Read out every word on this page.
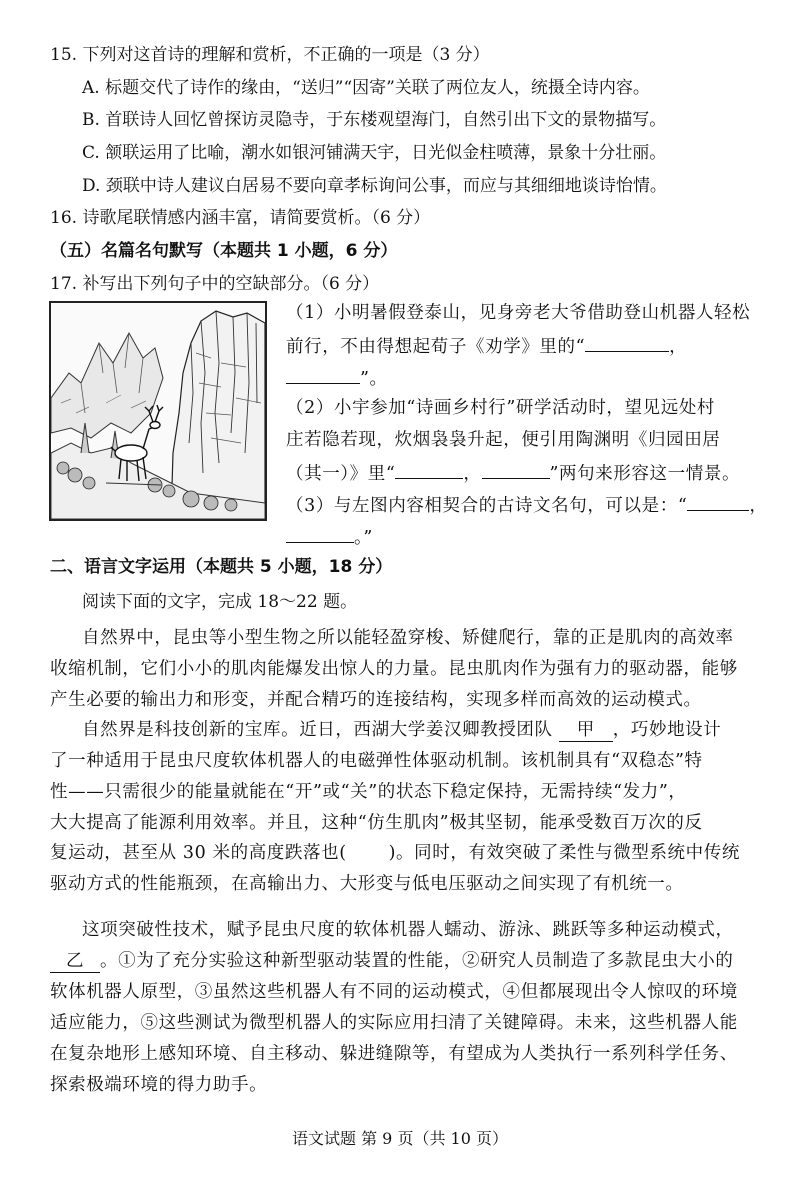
15. 下列对这首诗的理解和赏析，不正确的一项是（3 分）
A. 标题交代了诗作的缘由，“送归”“因寄”关联了两位友人，统摄全诗内容。
B. 首联诗人回忆曾探访灵隐寺，于东楼观望海门，自然引出下文的景物描写。
C. 颔联运用了比喻，潮水如银河铺满天宇，日光似金柱喷薄，景象十分壮丽。
D. 颈联中诗人建议白居易不要向章孝标询问公事，而应与其细细地谈诗怡情。
16. 诗歌尾联情感内涵丰富，请简要赏析。（6 分）
（五）名篇名句默写（本题共 1 小题，6 分）
17. 补写出下列句子中的空缺部分。（6 分）
（1）小明暑假登泰山，见身旁老大爷借助登山机器人轻松
前行，不由得想起荀子《劝学》里的“	，
”。
（2）小宇参加“诗画乡村行”研学活动时，望见远处村
庄若隐若现，炊烟袅袅升起，便引用陶渊明《归园田居
（其一）》里“	，	”两句来形容这一情景。
（3）与左图内容相契合的古诗文名句，可以是：“	，
。”
二、语言文字运用（本题共 5 小题，18 分）
阅读下面的文字，完成 18～22 题。
自然界中，昆虫等小型生物之所以能轻盈穿梭、矫健爬行，靠的正是肌肉的高效率
收缩机制，它们小小的肌肉能爆发出惊人的力量。昆虫肌肉作为强有力的驱动器，能够
产生必要的输出力和形变，并配合精巧的连接结构，实现多样而高效的运动模式。
自然界是科技创新的宝库。近日，西湖大学姜汉卿教授团队 甲 ，巧妙地设计
了一种适用于昆虫尺度软体机器人的电磁弹性体驱动机制。该机制具有“双稳态”特
性——只需很少的能量就能在“开”或“关”的状态下稳定保持，无需持续“发力”，
大大提高了能源利用效率。并且，这种“仿生肌肉”极其坚韧，能承受数百万次的反
复运动，甚至从 30 米的高度跌落也( )。同时，有效突破了柔性与微型系统中传统
驱动方式的性能瓶颈，在高输出力、大形变与低电压驱动之间实现了有机统一。
这项突破性技术，赋予昆虫尺度的软体机器人蠕动、游泳、跳跃等多种运动模式，
乙 。①为了充分实验这种新型驱动装置的性能，②研究人员制造了多款昆虫大小的
软体机器人原型，③虽然这些机器人有不同的运动模式，④但都展现出令人惊叹的环境
适应能力，⑤这些测试为微型机器人的实际应用扫清了关键障碍。未来，这些机器人能
在复杂地形上感知环境、自主移动、躲进缝隙等，有望成为人类执行一系列科学任务、
探索极端环境的得力助手。
语文试题 第 9 页（共 10 页）
